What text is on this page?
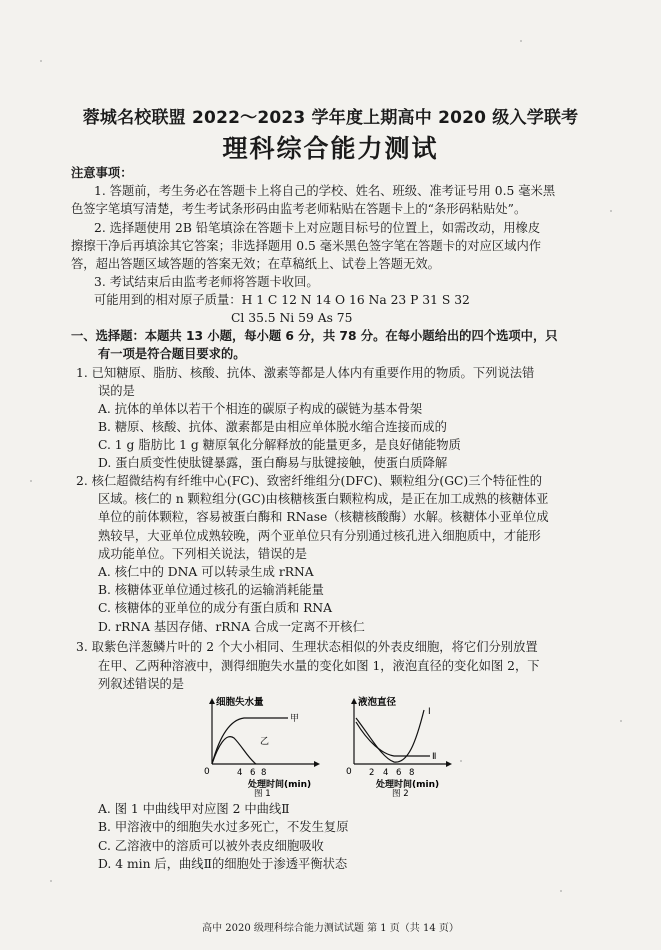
蓉城名校联盟 2022～2023 学年度上期高中 2020 级入学联考
理科综合能力测试
注意事项：
1. 答题前，考生务必在答题卡上将自己的学校、姓名、班级、准考证号用 0.5 毫米黑
色签字笔填写清楚，考生考试条形码由监考老师粘贴在答题卡上的“条形码粘贴处”。
2. 选择题使用 2B 铅笔填涂在答题卡上对应题目标号的位置上，如需改动，用橡皮
擦擦干净后再填涂其它答案；非选择题用 0.5 毫米黑色签字笔在答题卡的对应区域内作
答，超出答题区域答题的答案无效；在草稿纸上、试卷上答题无效。
3. 考试结束后由监考老师将答题卡收回。
可能用到的相对原子质量：H 1 C 12 N 14 O 16 Na 23 P 31 S 32
Cl 35.5 Ni 59 As 75
一、选择题：本题共 13 小题，每小题 6 分，共 78 分。在每小题给出的四个选项中，只
有一项是符合题目要求的。
1. 已知糖原、脂肪、核酸、抗体、激素等都是人体内有重要作用的物质。下列说法错
误的是
A. 抗体的单体以若干个相连的碳原子构成的碳链为基本骨架
B. 糖原、核酸、抗体、激素都是由相应单体脱水缩合连接而成的
C. 1 g 脂肪比 1 g 糖原氧化分解释放的能量更多，是良好储能物质
D. 蛋白质变性使肽键暴露，蛋白酶易与肽键接触，使蛋白质降解
2. 核仁超微结构有纤维中心(FC)、致密纤维组分(DFC)、颗粒组分(GC)三个特征性的
区域。核仁的 n 颗粒组分(GC)由核糖核蛋白颗粒构成，是正在加工成熟的核糖体亚
单位的前体颗粒，容易被蛋白酶和 RNase（核糖核酸酶）水解。核糖体小亚单位成
熟较早，大亚单位成熟较晚，两个亚单位只有分别通过核孔进入细胞质中，才能形
成功能单位。下列相关说法，错误的是
A. 核仁中的 DNA 可以转录生成 rRNA
B. 核糖体亚单位通过核孔的运输消耗能量
C. 核糖体的亚单位的成分有蛋白质和 RNA
D. rRNA 基因存储、rRNA 合成一定离不开核仁
3. 取紫色洋葱鳞片叶的 2 个大小相同、生理状态相似的外表皮细胞，将它们分别放置
在甲、乙两种溶液中，测得细胞失水量的变化如图 1，液泡直径的变化如图 2，下
列叙述错误的是
细胞失水量
甲
乙
0	4 6 8
处理时间(min)
图 1
液泡直径
Ⅰ
Ⅱ
0 2 4 6 8
处理时间(min)
图 2
A. 图 1 中曲线甲对应图 2 中曲线Ⅱ
B. 甲溶液中的细胞失水过多死亡，不发生复原
C. 乙溶液中的溶质可以被外表皮细胞吸收
D. 4 min 后，曲线Ⅱ的细胞处于渗透平衡状态
高中 2020 级理科综合能力测试试题 第 1 页（共 14 页）
